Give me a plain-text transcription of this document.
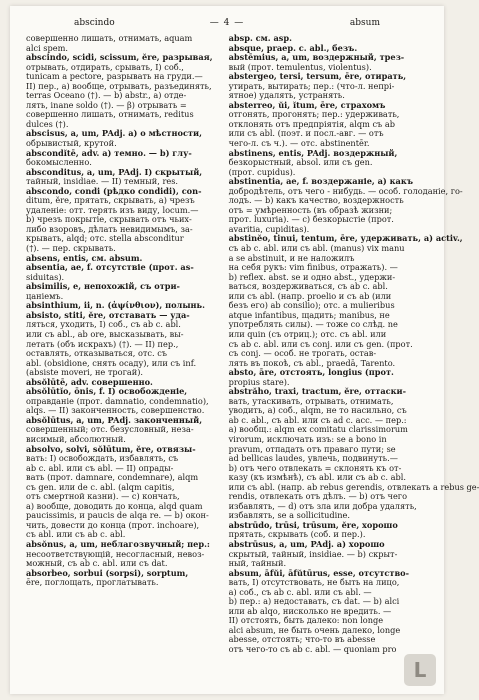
abscindo	— 4 —	absum
совершенно лишать, отнимать, aquam
alci spem.
abscindo, scidi, scissum, ĕre, разрывая,
отрывать, отдирать, срывать, I) соб.,
tunicam a pectore, разрывать на груди.—
II) пер., а) вообще, отрывать, разъединять,
terras Oceano (†). — b) abstr., a) отде-
лять, inane soldo (†). — β) отрывать =
совершенно лишать, отнимать, reditus
dulces (†).
abscisus, a, um, PAdj. a) о мѣстности,
обрывистый, крутой.
abscondĭtē, adv. a) темно. — b) глу-
бокомысленно.
absconditus, a, um, PAdj. I) скрытый,
тайный, insidiae. — II) темный, res.
abscondo, condi (рѣдко condidi), con-
ditum, ĕre, прятать, скрывать, a) чрезъ
удаленіе: отт. терять изъ виду, locum.—
b) чрезъ покрытіе, скрывать отъ чьих-
либо взоровъ, дѣлать невидимымъ, за-
крывать, alqd; отс. stella absconditur
(†). — пер. скрывать.
absens, entis, см. absum.
absentia, ae, f. отсутствіе (прот. as-
siduitas).
absimilis, e, непохожій, съ отри-
цаніемъ.
absinthium, ii, n. (ἀψίνθιον), полынь.
absisto, stiti, ĕre, отставать — уда-
ляться, уходить, I) соб., съ ab c. abl.
или съ abl., ab ore, высказывать, вы-
летать (объ искрахъ) (†). — II) пер.,
оставлять, отказываться, отс. съ
abl. (obsidione, снять осаду), или съ inf.
(absiste moveri, не трогай).
absŏlūtē, adv. совершенно.
absŏlūtĭo, ōnis, f. I) освобожденіе,
оправданіе (прот. damnatio, condemnatio),
alqs. — II) законченность, совершенство.
absŏlūtus, a, um, PAdj. законченный,
совершенный; отс. безусловный, неза-
висимый, абсолютный.
absolvo, solvi, sŏlūtum, ĕre, отвязы-
вать: I) освобождать, избавлять, съ
ab c. abl. или съ abl. — II) опрады-
вать (прот. damnare, condemnare), alqm
съ gen. или de c. abl. (alqm capitis,
отъ смертной казни). — c) кончать,
a) вообще, доводить до конца, alqd quam
paucissimis, и paucis de alqa re. — b) окон-
чить, довести до конца (прот. inchoare),
съ abl. или съ ab c. abl.
absŏnus, a, um, неблагозвучный; пер.:
несоответствующій, несогласный, невоз-
можный, съ ab c. abl. или съ dat.
absorbeo, sorbui (sorpsi), sorptum,
ēre, поглощать, проглатывать.
absp. см. asp.
absque, praep. c. abl., безъ.
abstēmius, a, um, воздержный, трез-
вый (прот. temulentus, violentus).
abstergeo, tersi, tersum, ēre, отирать,
утирать, вытирать; пер.: (что-л. непрі-
ятное) удалять, устранять.
absterreo, ŭi, ĭtum, ēre, страхомъ
отгонять, прогонять; пер.: удерживать,
отклонять отъ предпріятія, alqm съ ab
или съ abl. (поэт. и посл.-авг. — отъ
чего-л. съ ч.). — отс. abstinentēr.
abstinens, entis, PAdj. воздержный,
безкорыстный, absol. или съ gen.
(прот. cupidus).
abstinentia, ae, f. воздержаніе, а) какъ
добродѣтель, отъ чего - нибудь. — особ. голоданіе, го-
лодъ. — b) какъ качество, воздержность
отъ = умѣренность (въ образѣ жизни;
прот. luxuria). — c) безкорыстіе (прот.
avaritia, cupiditas).
abstinĕo, tinui, tentum, ēre, удерживать, а) activ.,
съ ab c. abl. или съ abl. (manus) vix manu
a se abstinuit, и не наложилъ
на себя рукъ: vim finibus, отражать). —
b) reflex. abst. se и одно abst., удержи-
ваться, воздерживаться, съ ab c. abl.
или съ abl. (напр. proelio и съ ab (или
безъ его) ab consilio); отс. a mulieribus
atque infantibus, щадить; manibus, не
употреблять силы). — тоже со слѣд. ne
или quin (съ отриц.); отс. съ abl. или
съ ab c. abl. или съ conj. или съ gen. (прот.
съ conj. — особ. не трогать, остав-
лять въ покоѣ, съ abl., praedā, Tarento.
absto, āre, отстоять, longius (прот.
propius stare).
abstrăho, traxi, tractum, ĕre, оттаски-
вать, утаскивать, отрывать, отнимать,
уводить, a) соб., alqm, не то насильно, съ
ab c. abl., съ abl. или съ ad c. acc. — пер.:
а) вообщ.: alqm ex comitatu clarissimorum
virorum, исключать изъ: se a bono in
pravum, отпадать отъ праваго пути; se
ad bellicas laudes, увлечь, подвинуть.—
b) отъ чего отвлекать = склонять къ от-
казу (къ измѣнѣ), съ abl. или съ ab c. abl.
или съ abl. (напр. ab rebus gerendis, отвлекать a rebus ge-
rendis, отвлекать отъ дѣлъ. — b) отъ чего
избавлять, — d) отъ зла или добра удалять,
избавлять, se a sollicitudine.
abstrūdo, trūsi, trūsum, ĕre, хорошо
прятать, скрывать (соб. и пер.).
abstrūsus, a, um, PAdj. a) хорошо
скрытый, тайный, insidiae. — b) скрыт-
ный, тайный.
absum, āfŭi, āfŭtūrus, esse, отсутство-
вать, I) отсутствовать, не быть на лицо,
a) соб., съ ab c. abl. или съ abl. —
b) пер.: а) недоставать, съ dat. — b) alci
или ab alqo, нисколько не вредить. —
II) отстоять, быть далеко: non longe
alci absum, не быть очень далеко, longe
abesse, отстоять; что-то въ abesse
отъ чего-то съ ab c. abl. — quoniam pro
L
